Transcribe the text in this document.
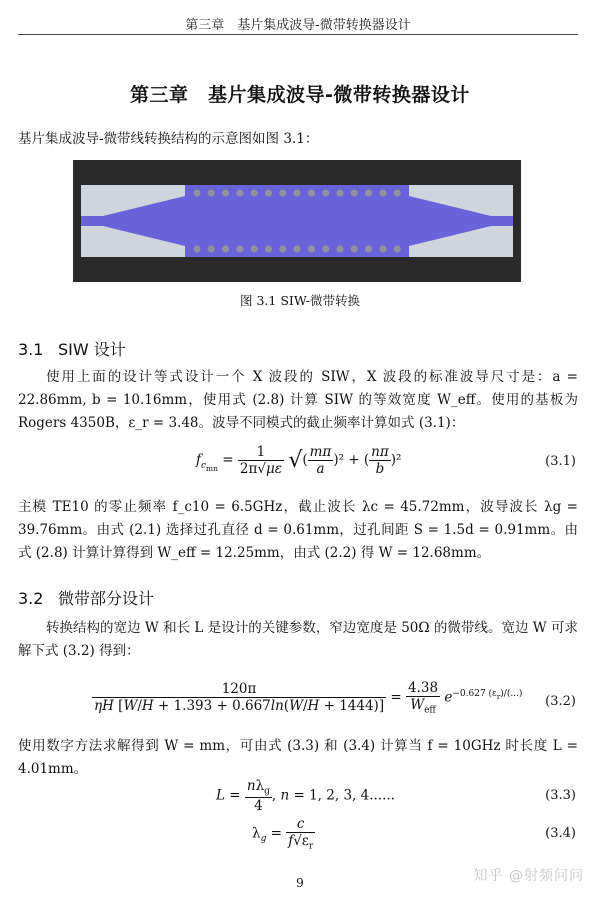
第三章　基片集成波导-微带转换器设计
第三章　基片集成波导-微带转换器设计
基片集成波导-微带线转换结构的示意图如图 3.1：
图 3.1 SIW-微带转换
3.1 SIW 设计
使用上面的设计等式设计一个 X 波段的 SIW，X 波段的标准波导尺寸是：a = 22.86mm, b = 10.16mm，使用式 (2.8) 计算 SIW 的等效宽度 W_eff。使用的基板为 Rogers 4350B，ε_r = 3.48。波导不同模式的截止频率计算如式 (3.1)：
$f_{c_{mn}} = \frac{1}{2\pi√\mu\varepsilon}$ √( $\frac{m\pi}{a} )^2$ + ( $\frac{n\pi}{b} )^2$	(3.1)
主模 TE10 的零止频率 f_c10 = 6.5GHz，截止波长 λc = 45.72mm，波导波长 λg = 39.76mm。由式 (2.1) 选择过孔直径 d = 0.61mm，过孔间距 S = 1.5d = 0.91mm。由式 (2.8) 计算计算得到 W_eff = 12.25mm，由式 (2.2) 得 W = 12.68mm。
3.2 微带部分设计
转换结构的宽边 W 和长 L 是设计的关键参数，窄边宽度是 50Ω 的微带线。宽边 W 可求解下式 (3.2) 得到：
$\frac{120\pi}{\eta H [W/H + 1.393 + 0.667\ln(W/H + 1444)]} = \frac{4.38}{W_{eff}} e^{-0.627 (\varepsilon_r)/(...)}$
(3.2)
使用数字方法求解得到 W = mm，可由式 (3.3) 和 (3.4) 计算当 f = 10GHz 时长度 L = 4.01mm。
$L = \frac{n\lambda_g}{4}$ , n = 1, 2, 3, 4......	(3.3)
$\lambda_g = \frac{c}{f√\varepsilon_r}$	(3.4)
9	知乎 @射频问问
